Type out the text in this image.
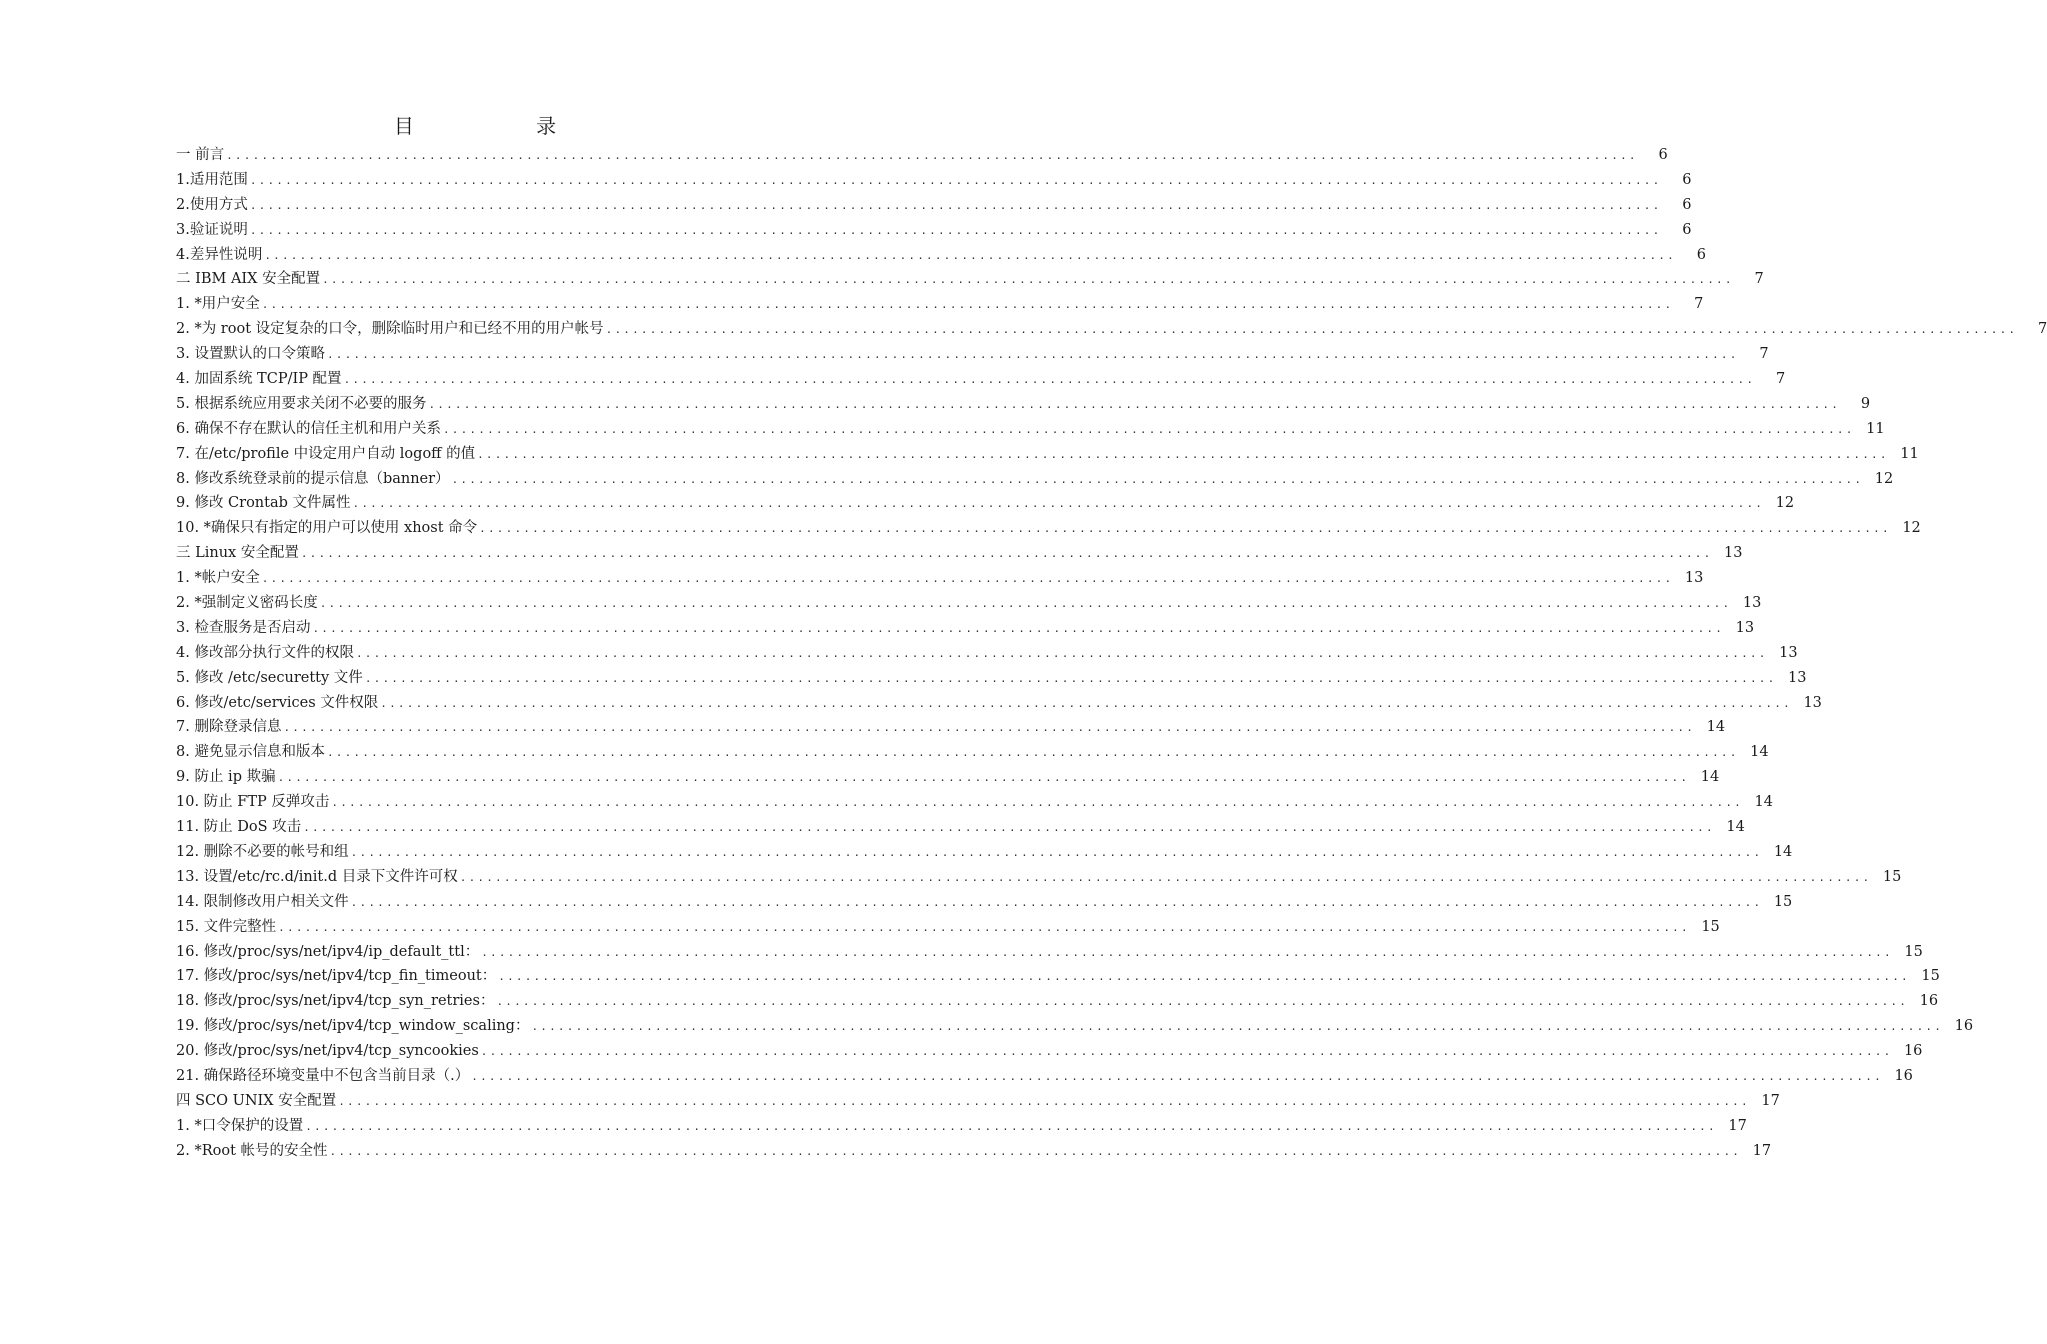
目 录
一 前言 ................................................................................................................................................................	6
1.适用范围 ................................................................................................................................................................	6
2.使用方式 ................................................................................................................................................................	6
3.验证说明 ................................................................................................................................................................	6
4.差异性说明 ................................................................................................................................................................	6
二 IBM AIX 安全配置 ................................................................................................................................................................	7
1. *用户安全 ................................................................................................................................................................	7
2. *为 root 设定复杂的口令，删除临时用户和已经不用的用户帐号 ................................................................................................................................................................	7
3. 设置默认的口令策略 ................................................................................................................................................................	7
4. 加固系统 TCP/IP 配置 ................................................................................................................................................................	7
5. 根据系统应用要求关闭不必要的服务 ................................................................................................................................................................	9
6. 确保不存在默认的信任主机和用户关系 ................................................................................................................................................................ 11
7. 在/etc/profile 中设定用户自动 logoff 的值 ................................................................................................................................................................ 11
8. 修改系统登录前的提示信息（banner） ................................................................................................................................................................ 12
9. 修改 Crontab 文件属性 ................................................................................................................................................................ 12
10. *确保只有指定的用户可以使用 xhost 命令 ................................................................................................................................................................ 12
三 Linux 安全配置 ................................................................................................................................................................ 13
1. *帐户安全 ................................................................................................................................................................ 13
2. *强制定义密码长度 ................................................................................................................................................................ 13
3. 检查服务是否启动 ................................................................................................................................................................ 13
4. 修改部分执行文件的权限 ................................................................................................................................................................ 13
5. 修改 /etc/securetty 文件 ................................................................................................................................................................ 13
6. 修改/etc/services 文件权限 ................................................................................................................................................................ 13
7. 删除登录信息 ................................................................................................................................................................ 14
8. 避免显示信息和版本 ................................................................................................................................................................ 14
9. 防止 ip 欺骗 ................................................................................................................................................................ 14
10. 防止 FTP 反弹攻击 ................................................................................................................................................................ 14
11. 防止 DoS 攻击 ................................................................................................................................................................ 14
12. 删除不必要的帐号和组 ................................................................................................................................................................ 14
13. 设置/etc/rc.d/init.d 目录下文件许可权 ................................................................................................................................................................ 15
14. 限制修改用户相关文件 ................................................................................................................................................................ 15
15. 文件完整性 ................................................................................................................................................................ 15
16. 修改/proc/sys/net/ipv4/ip_default_ttl： ................................................................................................................................................................ 15
17. 修改/proc/sys/net/ipv4/tcp_fin_timeout： ................................................................................................................................................................ 15
18. 修改/proc/sys/net/ipv4/tcp_syn_retries： ................................................................................................................................................................ 16
19. 修改/proc/sys/net/ipv4/tcp_window_scaling： ................................................................................................................................................................ 16
20. 修改/proc/sys/net/ipv4/tcp_syncookies ................................................................................................................................................................ 16
21. 确保路径环境变量中不包含当前目录（.） ................................................................................................................................................................ 16
四 SCO UNIX 安全配置 ................................................................................................................................................................ 17
1. *口令保护的设置 ................................................................................................................................................................ 17
2. *Root 帐号的安全性 ................................................................................................................................................................ 17
